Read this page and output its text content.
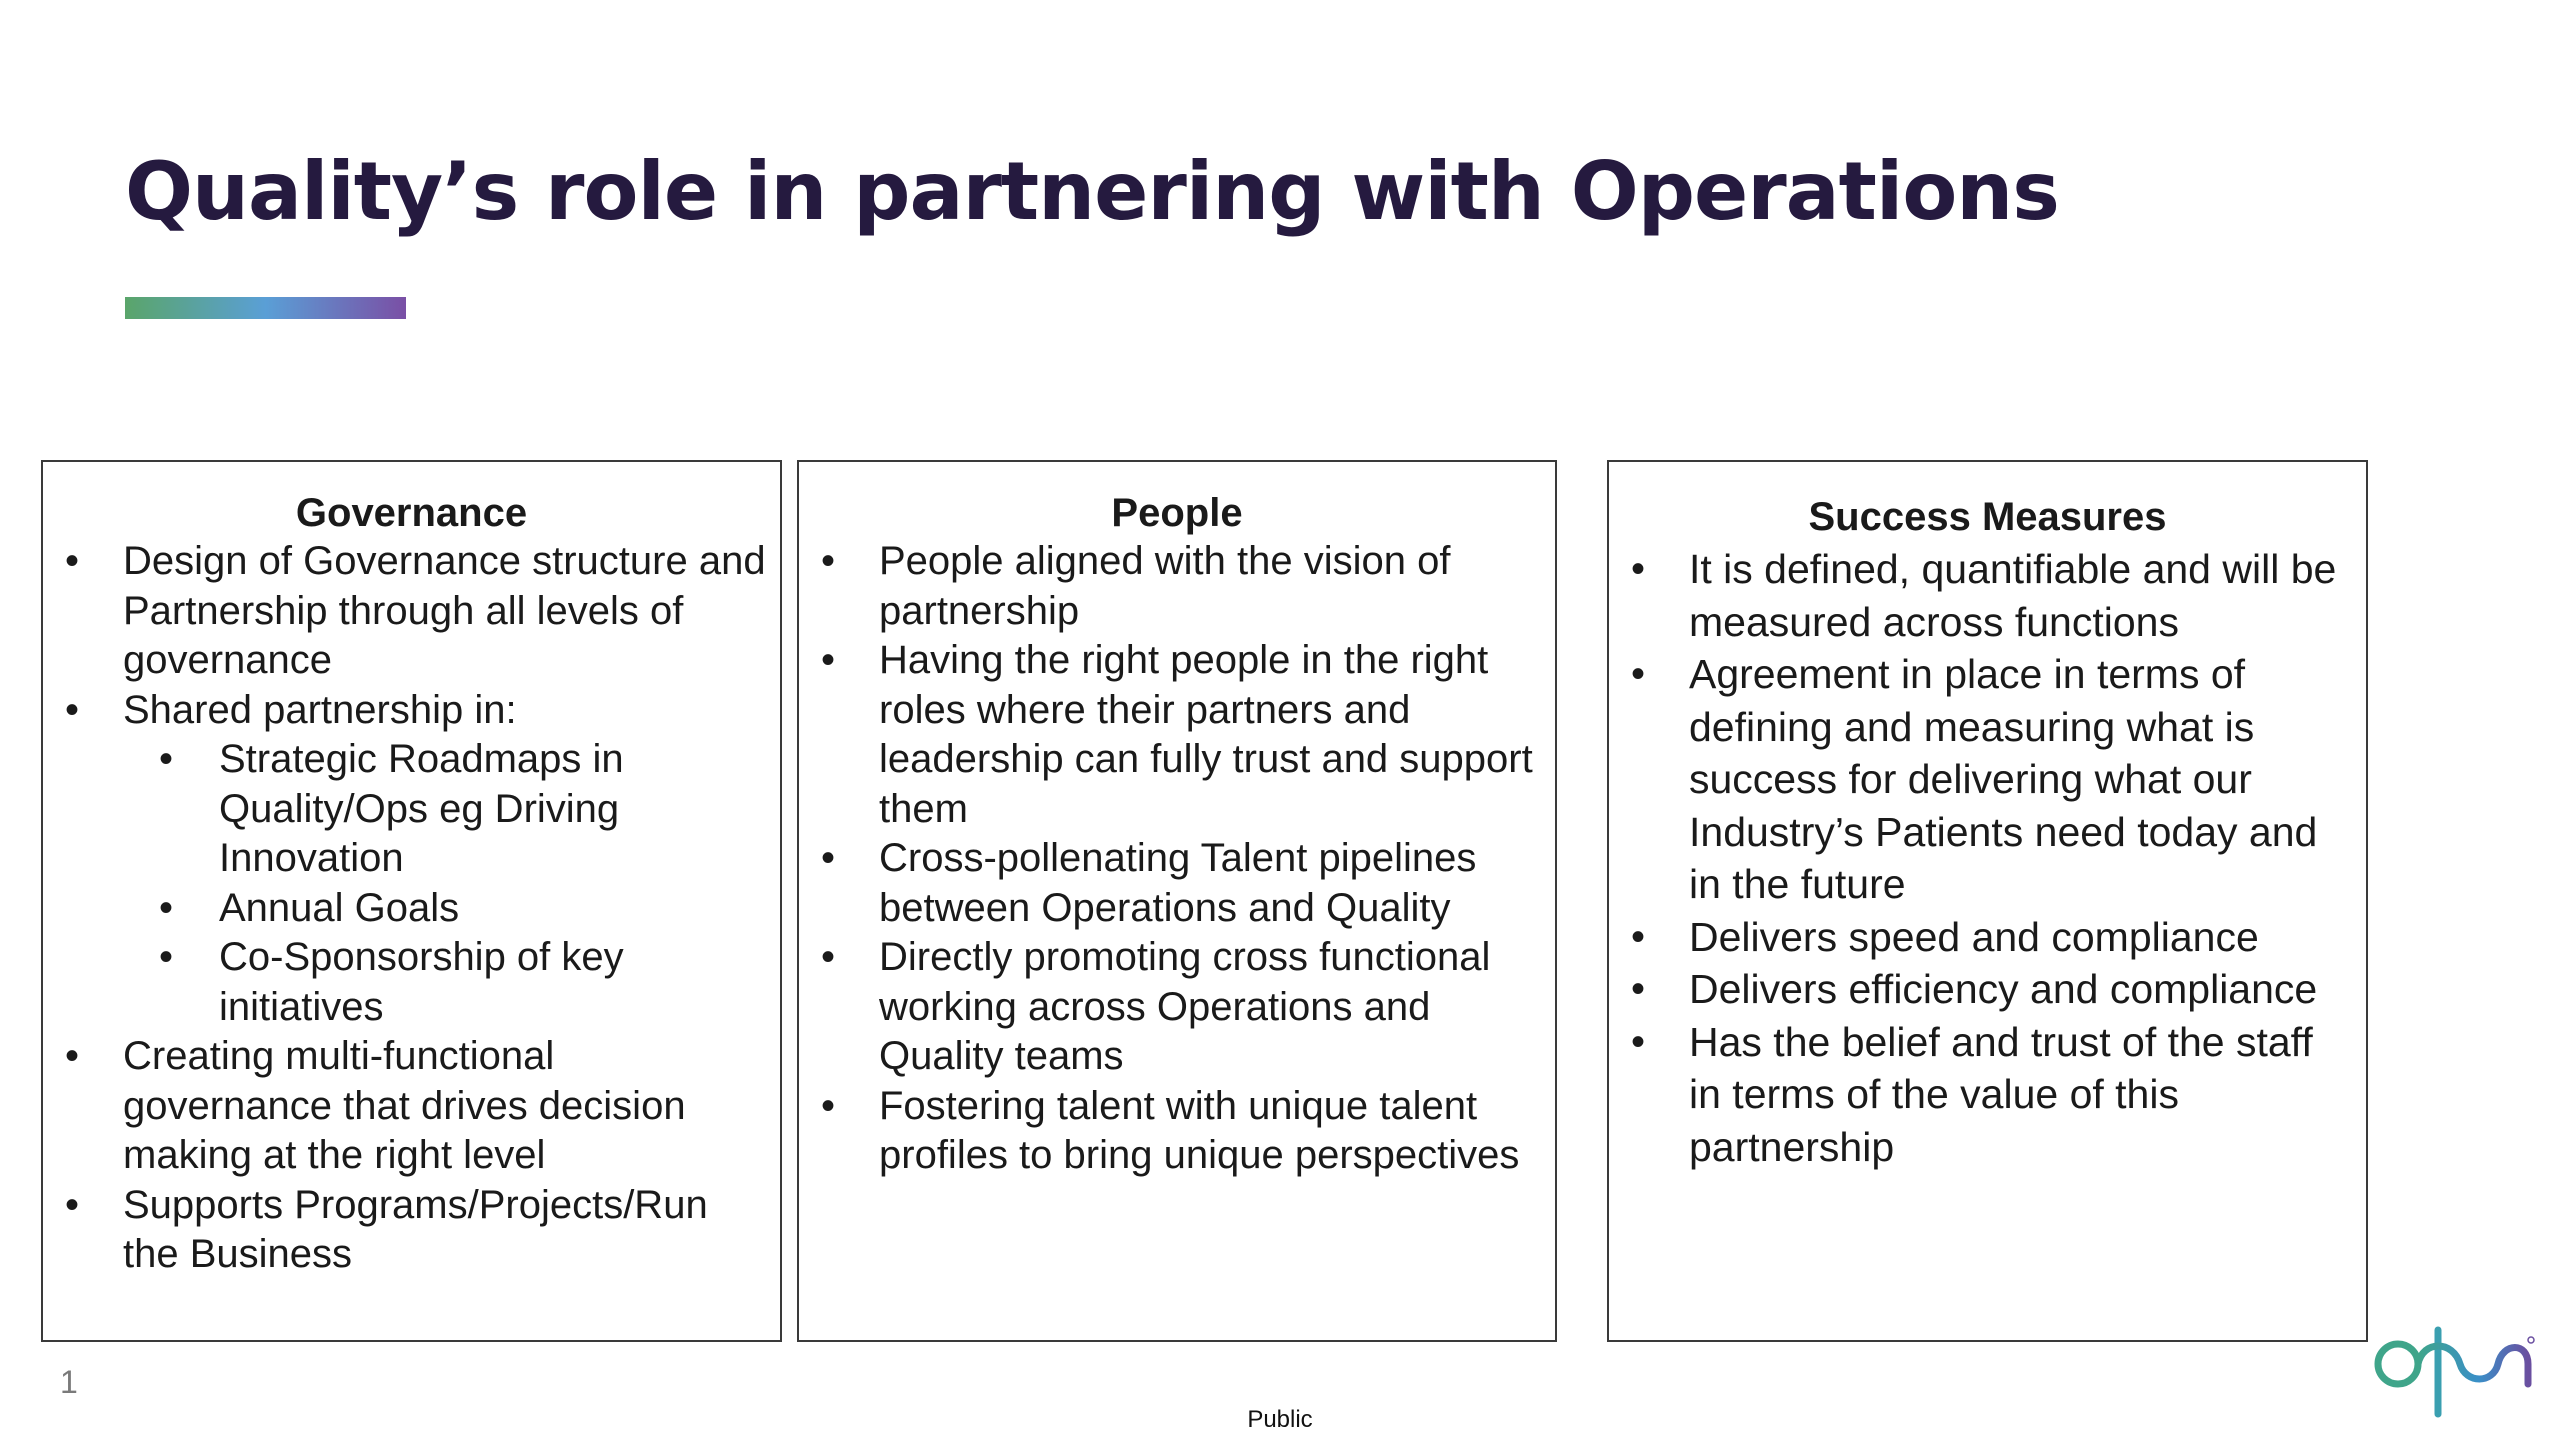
Quality’s role in partnering with Operations
Governance
• Design of Governance structure and Partnership through all levels of governance
• Shared partnership in:
• Strategic Roadmaps in Quality/Ops eg Driving Innovation
• Annual Goals
• Co-Sponsorship of key initiatives
• Creating multi-functional governance that drives decision making at the right level
• Supports Programs/Projects/Run the Business
People
• People aligned with the vision of partnership
• Having the right people in the right roles where their partners and leadership can fully trust and support them
• Cross-pollenating Talent pipelines between Operations and Quality
• Directly promoting cross functional working across Operations and Quality teams
• Fostering talent with unique talent profiles to bring unique perspectives
Success Measures
• It is defined, quantifiable and will be measured across functions
• Agreement in place in terms of defining and measuring what is success for delivering what our Industry’s Patients need today and in the future
• Delivers speed and compliance
• Delivers efficiency and compliance
• Has the belief and trust of the staff in terms of the value of this partnership
1
Public
